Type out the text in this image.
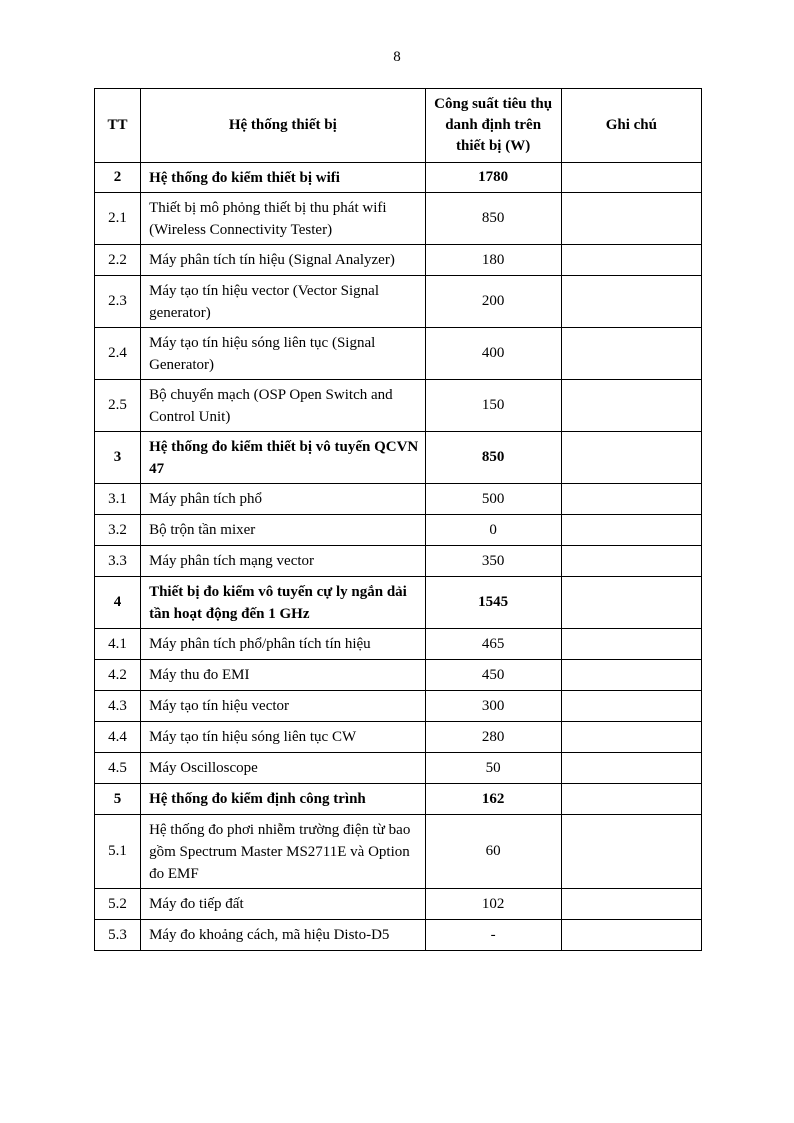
8
TT	Hệ thống thiết bị	Công suất tiêu thụ danh định trên thiết bị (W)	Ghi chú
2	Hệ thống đo kiểm thiết bị wifi	1780	
2.1	Thiết bị mô phỏng thiết bị thu phát wifi (Wireless Connectivity Tester)	850	
2.2	Máy phân tích tín hiệu (Signal Analyzer)	180	
2.3	Máy tạo tín hiệu vector (Vector Signal generator)	200	
2.4	Máy tạo tín hiệu sóng liên tục (Signal Generator)	400	
2.5	Bộ chuyển mạch (OSP Open Switch and Control Unit)	150	
3	Hệ thống đo kiểm thiết bị vô tuyến QCVN 47	850	
3.1	Máy phân tích phổ	500	
3.2	Bộ trộn tần mixer	0	
3.3	Máy phân tích mạng vector	350	
4	Thiết bị đo kiểm vô tuyến cự ly ngắn dải tần hoạt động đến 1 GHz	1545	
4.1	Máy phân tích phổ/phân tích tín hiệu	465	
4.2	Máy thu đo EMI	450	
4.3	Máy tạo tín hiệu vector	300	
4.4	Máy tạo tín hiệu sóng liên tục CW	280	
4.5	Máy Oscilloscope	50	
5	Hệ thống đo kiểm định công trình	162	
5.1	Hệ thống đo phơi nhiễm trường điện từ bao gồm Spectrum Master MS2711E và Option đo EMF	60	
5.2	Máy đo tiếp đất	102	
5.3	Máy đo khoảng cách, mã hiệu Disto-D5	-	
